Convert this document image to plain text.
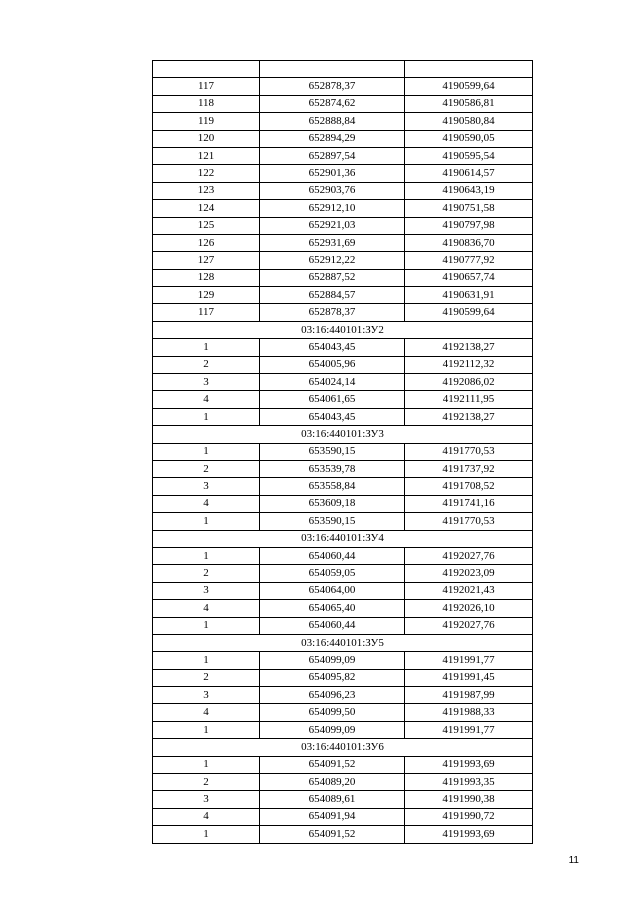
117	652878,37	4190599,64
118	652874,62	4190586,81
119	652888,84	4190580,84
120	652894,29	4190590,05
121	652897,54	4190595,54
122	652901,36	4190614,57
123	652903,76	4190643,19
124	652912,10	4190751,58
125	652921,03	4190797,98
126	652931,69	4190836,70
127	652912,22	4190777,92
128	652887,52	4190657,74
129	652884,57	4190631,91
117	652878,37	4190599,64
03:16:440101:ЗУ2		
1	654043,45	4192138,27
2	654005,96	4192112,32
3	654024,14	4192086,02
4	654061,65	4192111,95
1	654043,45	4192138,27
03:16:440101:ЗУ3		
1	653590,15	4191770,53
2	653539,78	4191737,92
3	653558,84	4191708,52
4	653609,18	4191741,16
1	653590,15	4191770,53
03:16:440101:ЗУ4		
1	654060,44	4192027,76
2	654059,05	4192023,09
3	654064,00	4192021,43
4	654065,40	4192026,10
1	654060,44	4192027,76
03:16:440101:ЗУ5		
1	654099,09	4191991,77
2	654095,82	4191991,45
3	654096,23	4191987,99
4	654099,50	4191988,33
1	654099,09	4191991,77
03:16:440101:ЗУ6		
1	654091,52	4191993,69
2	654089,20	4191993,35
3	654089,61	4191990,38
4	654091,94	4191990,72
1	654091,52	4191993,69
11
